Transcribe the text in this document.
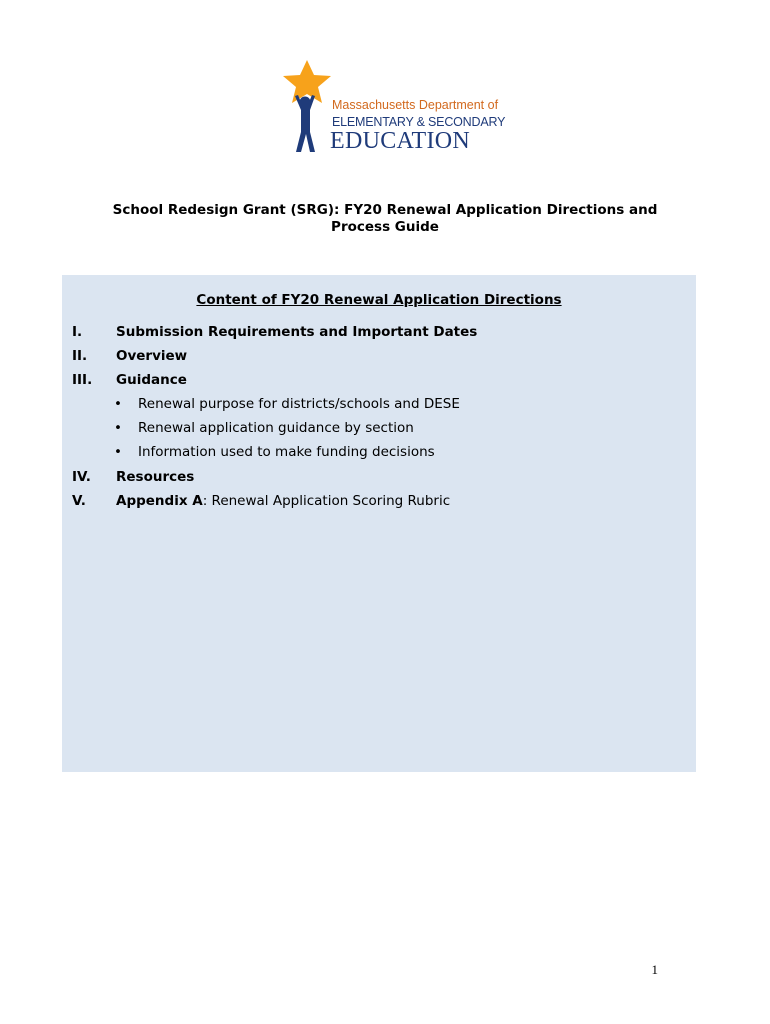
Massachusetts Department of
ELEMENTARY & SECONDARY
EDUCATION
School Redesign Grant (SRG): FY20 Renewal Application Directions and
Process Guide
Content of FY20 Renewal Application Directions
I.	Submission Requirements and Important Dates
II. Overview
III. Guidance
• Renewal purpose for districts/schools and DESE
• Renewal application guidance by section
• Information used to make funding decisions
IV. Resources
V. Appendix A: Renewal Application Scoring Rubric
1
